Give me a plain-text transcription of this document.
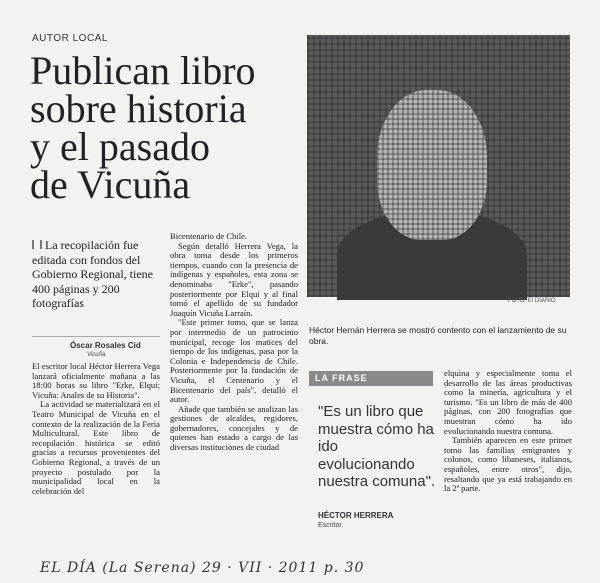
AUTOR LOCAL
Publican libro
sobre historia
y el pasado
de Vicuña
FOTO: El DIARIO
Héctor Hernán Herrera se mostró contento con el lanzamiento de su obra.
La recopilación fue editada con fondos del Gobierno Regional, tiene 400 páginas y 200 fotografías
Óscar Rosales Cid
Vicuña

El escritor local Héctor Herrera Vega lanzará oficialmente mañana a las 18:00 horas su libro "Erke, Elqui; Vicuña: Anales de su Historia".

La actividad se materializará en el Teatro Municipal de Vicuña en el contexto de la realización de la Feria Multicultural. Este libro de recopilación histórica se editó gracias a recursos provenientes del Gobierno Regional, a través de un proyecto postulado por la municipalidad local en la celebración del

Bicentenario de Chile.

Según detalló Herrera Vega, la obra toma desde los primeros tiempos, cuando con la presencia de indígenas y españoles, esta zona se denominaba "Erke", pasando posteriormente por Elqui y al final tomó el apellido de su fundador Joaquín Vicuña Larraín.

"Este primer tomo, que se lanza por intermedio de un patrocinio municipal, recoge los matices del tiempo de los indígenas, pasa por la Colonia e Independencia de Chile. Posteriormente por la fundación de Vicuña, el Centenario y el Bicentenario del país", detalló el autor.

Añade que también se analizan las gestiones de alcaldes, regidores, gobernadores, concejales y de quienes han estado a cargo de las diversas instituciones de ciudad

LA FRASE
"Es un libro que muestra cómo ha ido evolucionando nuestra comuna".
HÉCTOR HERRERA
Escritor.

elquina y especialmente toma el desarrollo de las áreas productivas como la minería, agricultura y el turismo. "Es un libro de más de 400 páginas, con 200 fotografías que muestran cómo ha ido evolucionando nuestra comuna.

También aparecen en este primer tomo las familias emigrantes y colonos, como libaneses, italianos, españoles, entre otros", dijo, resaltando que ya está trabajando en la 2ª parte.

EL DÍA (La Serena) 29 · VII · 2011 p. 30
